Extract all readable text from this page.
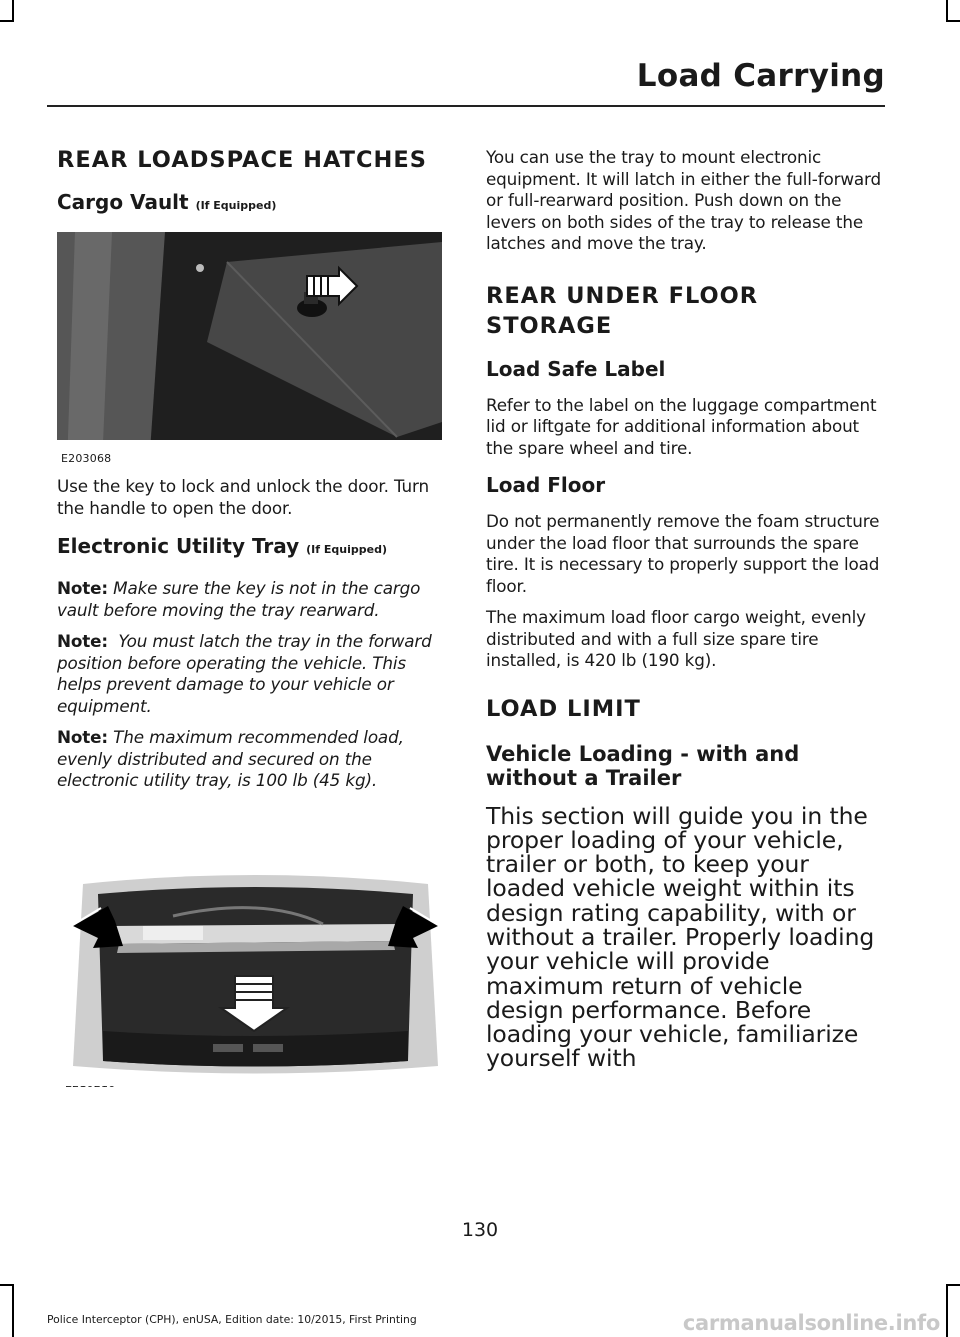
Load Carrying
REAR LOADSPACE HATCHES
Cargo Vault (If Equipped)
E203068
Use the key to lock and unlock the door. Turn the handle to open the door.
Electronic Utility Tray (If Equipped)
Note: Make sure the key is not in the cargo vault before moving the tray rearward.
Note: You must latch the tray in the forward position before operating the vehicle. This helps prevent damage to your vehicle or equipment.
Note: The maximum recommended load, evenly distributed and secured on the electronic utility tray, is 100 lb (45 kg).
You can use the tray to mount electronic equipment. It will latch in either the full-forward or full-rearward position. Push down on the levers on both sides of the tray to release the latches and move the tray.
REAR UNDER FLOOR
STORAGE
Load Safe Label
Refer to the label on the luggage compartment lid or liftgate for additional information about the spare wheel and tire.
Load Floor
Do not permanently remove the foam structure under the load floor that surrounds the spare tire. It is necessary to properly support the load floor.
The maximum load floor cargo weight, evenly distributed and with a full size spare tire installed, is 420 lb (190 kg).
LOAD LIMIT
Vehicle Loading - with and without a Trailer
This section will guide you in the proper loading of your vehicle, trailer or both, to keep your loaded vehicle weight within its design rating capability, with or without a trailer. Properly loading your vehicle will provide maximum return of vehicle design performance. Before loading your vehicle, familiarize yourself with
130
Police Interceptor (CPH), enUSA, Edition date: 10/2015, First Printing	carmanualsonline.info
